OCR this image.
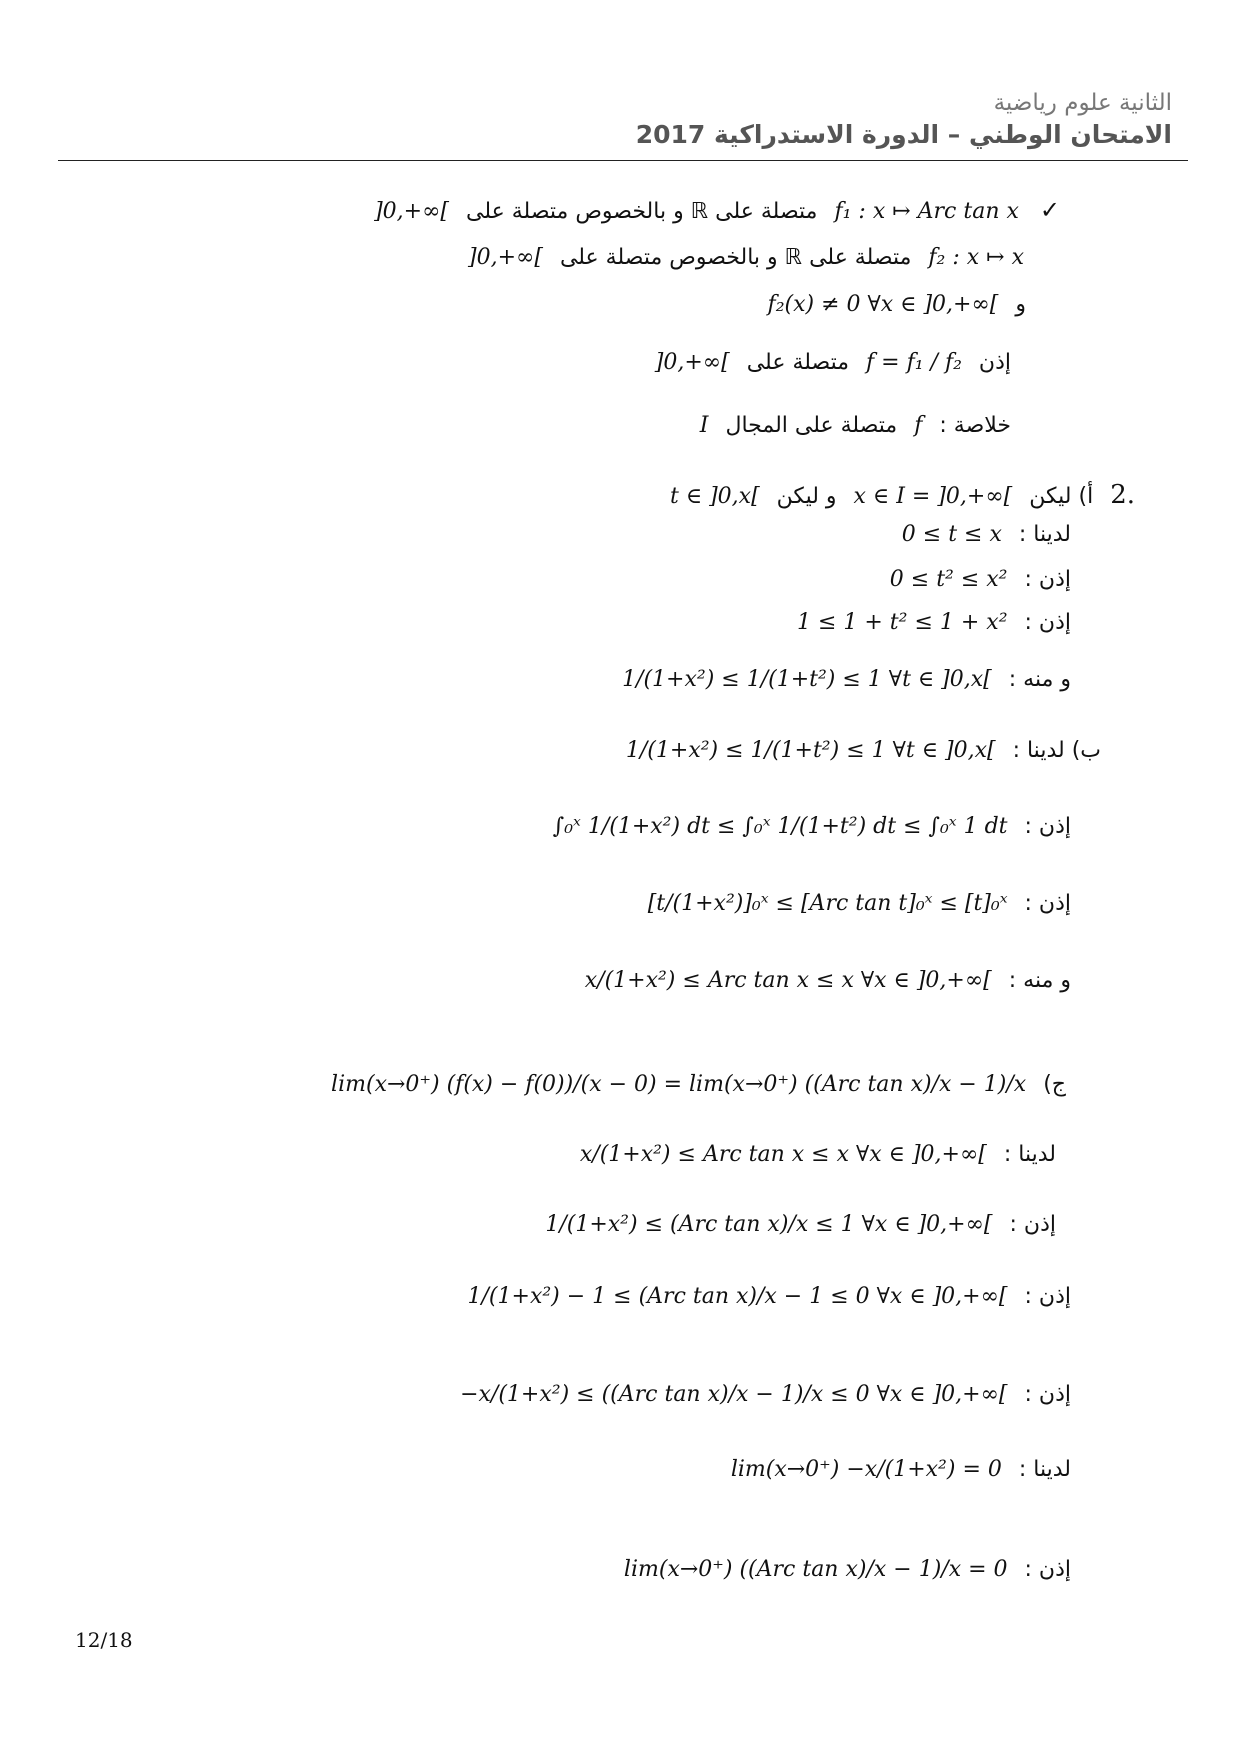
الثانية علوم رياضية
الامتحان الوطني – الدورة الاستدراكية 2017
✓ f₁ : x ↦ Arc tan x متصلة على ℝ و بالخصوص متصلة على ]0,+∞[
f₂ : x ↦ x متصلة على ℝ و بالخصوص متصلة على ]0,+∞[
و f₂(x) ≠ 0 ∀x ∈ ]0,+∞[
إذن f = f₁ / f₂ متصلة على ]0,+∞[
خلاصة : f متصلة على المجال I
.2 أ) ليكن x ∈ I = ]0,+∞[ و ليكن t ∈ ]0,x[
لدينا : 0 ≤ t ≤ x
إذن : 0 ≤ t² ≤ x²
إذن : 1 ≤ 1 + t² ≤ 1 + x²
و منه : 1/(1+x²) ≤ 1/(1+t²) ≤ 1 ∀t ∈ ]0,x[
ب) لدينا : 1/(1+x²) ≤ 1/(1+t²) ≤ 1 ∀t ∈ ]0,x[
إذن : ∫₀ˣ 1/(1+x²) dt ≤ ∫₀ˣ 1/(1+t²) dt ≤ ∫₀ˣ 1 dt
إذن : [t/(1+x²)]₀ˣ ≤ [Arc tan t]₀ˣ ≤ [t]₀ˣ
و منه : x/(1+x²) ≤ Arc tan x ≤ x ∀x ∈ ]0,+∞[
ج) lim(x→0⁺) (f(x) − f(0))/(x − 0) = lim(x→0⁺) ((Arc tan x)/x − 1)/x
لدينا : x/(1+x²) ≤ Arc tan x ≤ x ∀x ∈ ]0,+∞[
إذن : 1/(1+x²) ≤ (Arc tan x)/x ≤ 1 ∀x ∈ ]0,+∞[
إذن : 1/(1+x²) − 1 ≤ (Arc tan x)/x − 1 ≤ 0 ∀x ∈ ]0,+∞[
إذن : −x/(1+x²) ≤ ((Arc tan x)/x − 1)/x ≤ 0 ∀x ∈ ]0,+∞[
لدينا : lim(x→0⁺) −x/(1+x²) = 0
إذن : lim(x→0⁺) ((Arc tan x)/x − 1)/x = 0
12/18
